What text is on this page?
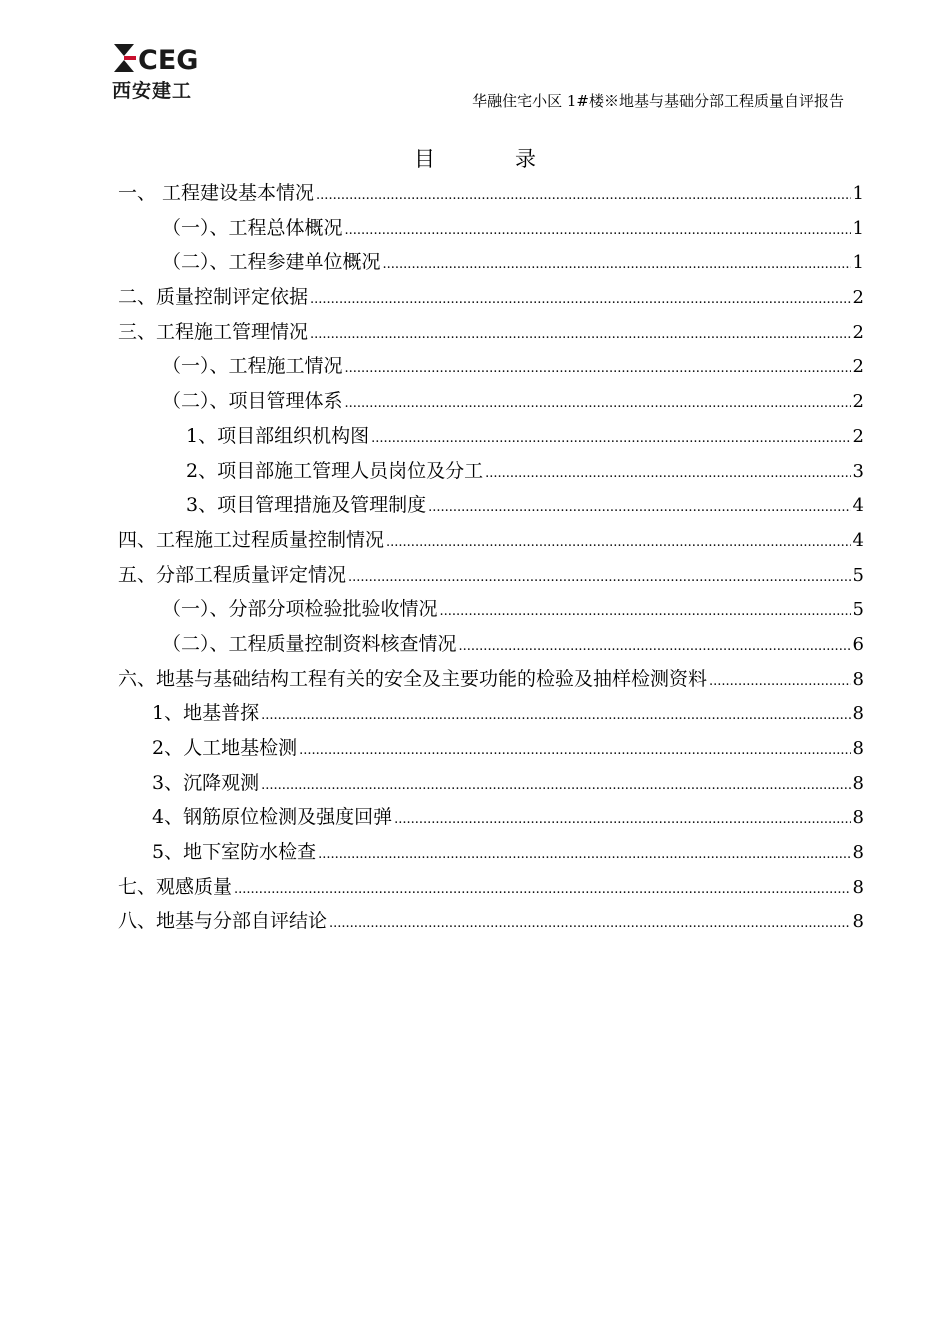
CEG
西安建工	华融住宅小区 1#楼※地基与基础分部工程质量自评报告
目            录
一、 工程建设基本情况 .....	1
（一）、工程总体概况 .....	1
（二）、工程参建单位概况 .....	1
二、质量控制评定依据 .....	2
三、工程施工管理情况 .....	2
（一）、工程施工情况 .....	2
（二）、项目管理体系 .....	2
1、项目部组织机构图 .....	2
2、项目部施工管理人员岗位及分工 .....	3
3、项目管理措施及管理制度 .....	4
四、工程施工过程质量控制情况 .....	4
五、分部工程质量评定情况 .....	5
（一）、分部分项检验批验收情况 .....	5
（二）、工程质量控制资料核查情况 .....	6
六、地基与基础结构工程有关的安全及主要功能的检验及抽样检测资料 .....	8
1、地基普探 .....	8
2、人工地基检测 .....	8
3、沉降观测 .....	8
4、钢筋原位检测及强度回弹 .....	8
5、地下室防水检查 .....	8
七、观感质量 .....	8
八、地基与分部自评结论 .....	8
